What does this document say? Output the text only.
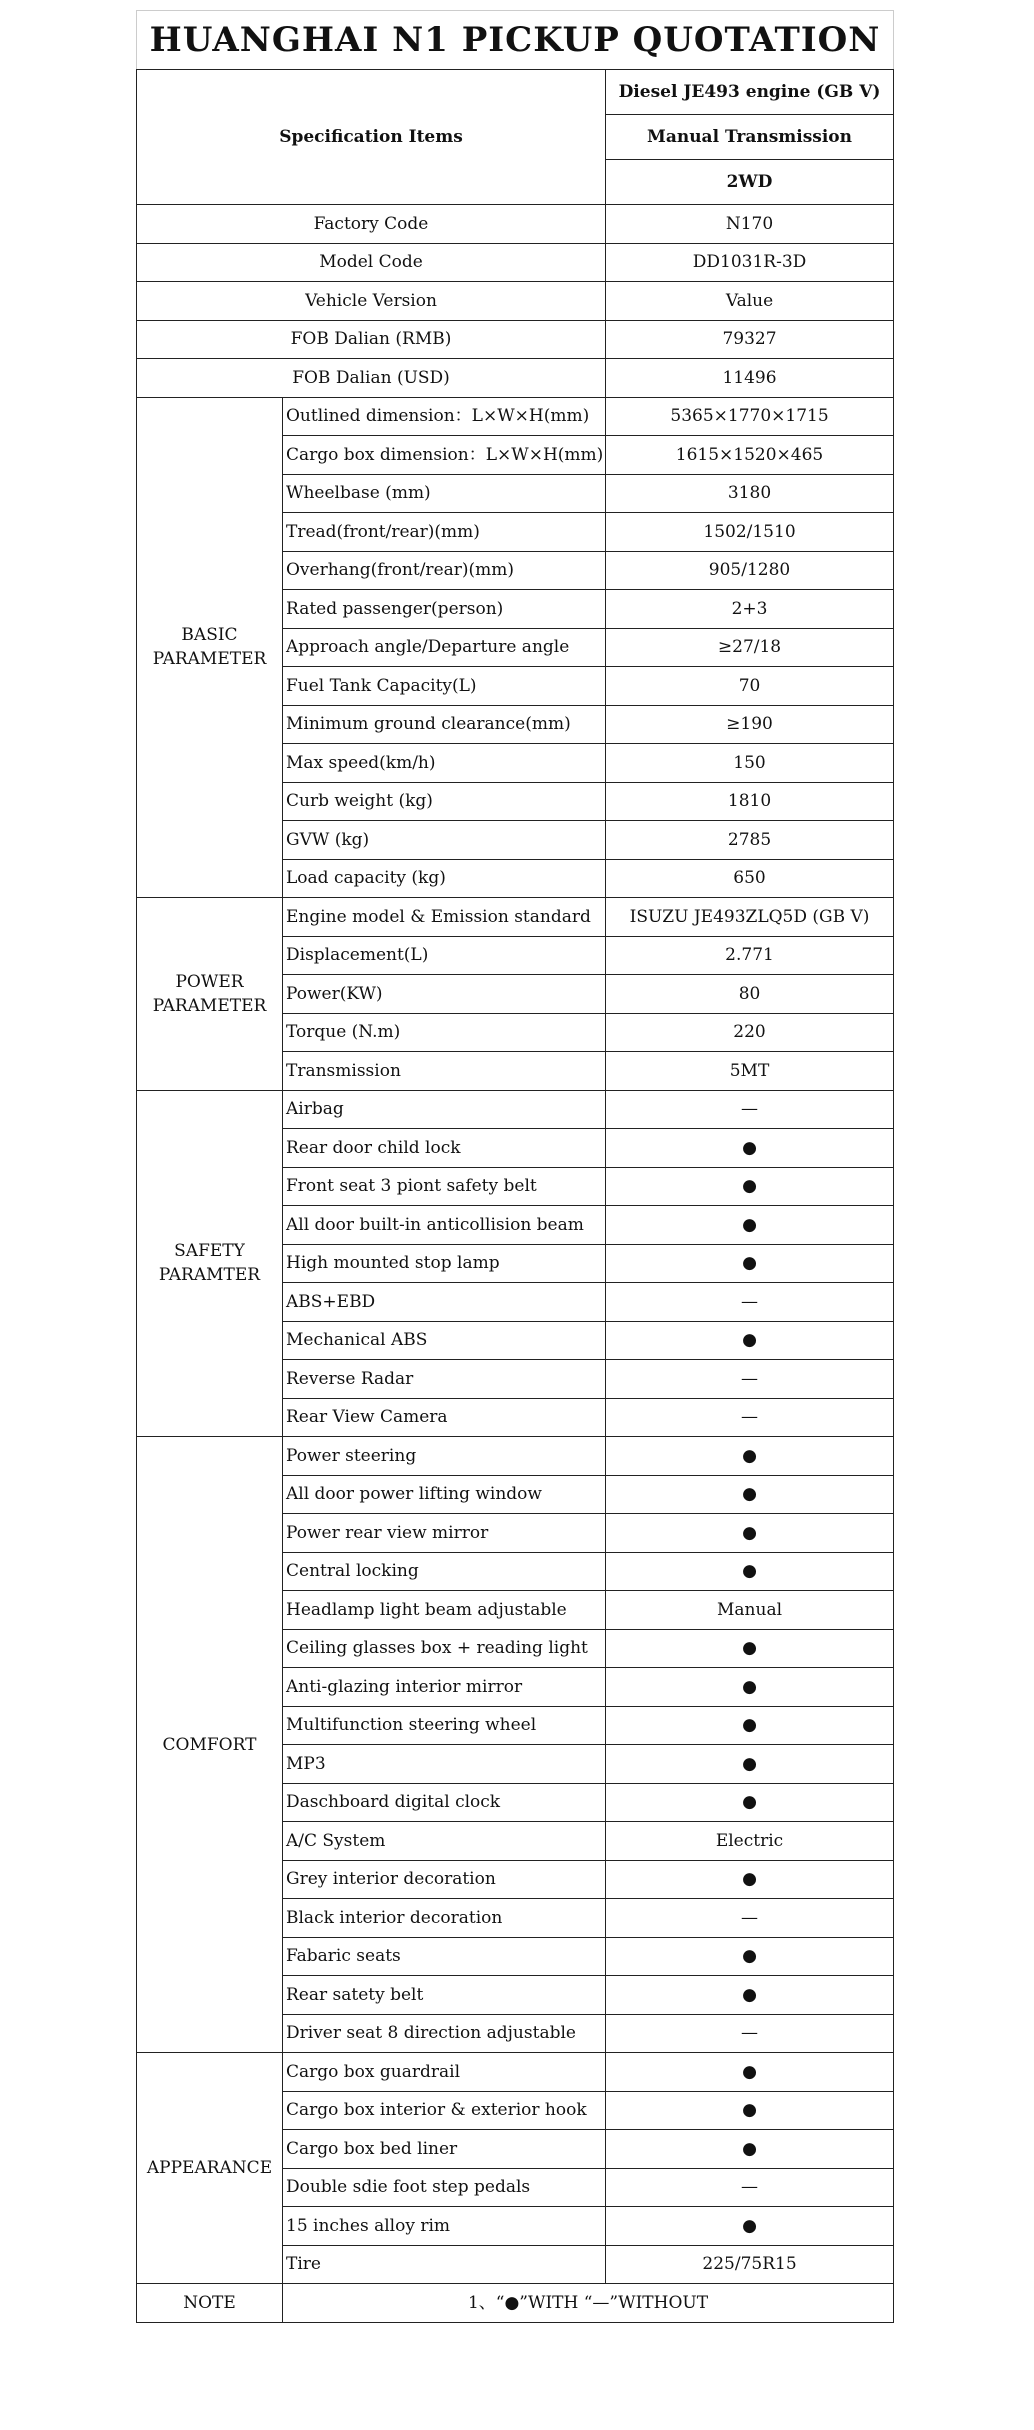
HUANGHAI N1 PICKUP QUOTATION		
Specification Items		Diesel JE493 engine (GB V)
		Manual Transmission
		2WD
Factory Code		N170
Model Code		DD1031R-3D
Vehicle Version		Value
FOB Dalian (RMB)		79327
FOB Dalian (USD)		11496
BASIC PARAMETER	Outlined dimension：L×W×H(mm)	5365×1770×1715
	Cargo box dimension：L×W×H(mm)	1615×1520×465
	Wheelbase (mm)	3180
	Tread(front/rear)(mm)	1502/1510
	Overhang(front/rear)(mm)	905/1280
	Rated passenger(person)	2+3
	Approach angle/Departure angle	≥27/18
	Fuel Tank Capacity(L)	70
	Minimum ground clearance(mm)	≥190
	Max speed(km/h)	150
	Curb weight (kg)	1810
	GVW (kg)	2785
	Load capacity (kg)	650
POWER PARAMETER	Engine model & Emission standard	ISUZU JE493ZLQ5D (GB V)
	Displacement(L)	2.771
	Power(KW)	80
	Torque (N.m)	220
	Transmission	5MT
SAFETY PARAMTER	Airbag	—
	Rear door child lock	●
	Front seat 3 piont safety belt	●
	All door built-in anticollision beam	●
	High mounted stop lamp	●
	ABS+EBD	—
	Mechanical ABS	●
	Reverse Radar	—
	Rear View Camera	—
COMFORT	Power steering	●
	All door power lifting window	●
	Power rear view mirror	●
	Central locking	●
	Headlamp light beam adjustable	Manual
	Ceiling glasses box + reading light	●
	Anti-glazing interior mirror	●
	Multifunction steering wheel	●
	MP3	●
	Daschboard digital clock	●
	A/C System	Electric
	Grey interior decoration	●
	Black interior decoration	—
	Fabaric seats	●
	Rear satety belt	●
	Driver seat 8 direction adjustable	—
APPEARANCE	Cargo box guardrail	●
	Cargo box interior & exterior hook	●
	Cargo box bed liner	●
	Double sdie foot step pedals	—
	15 inches alloy rim	●
	Tire	225/75R15
NOTE	1、“●”WITH “—”WITHOUT	
